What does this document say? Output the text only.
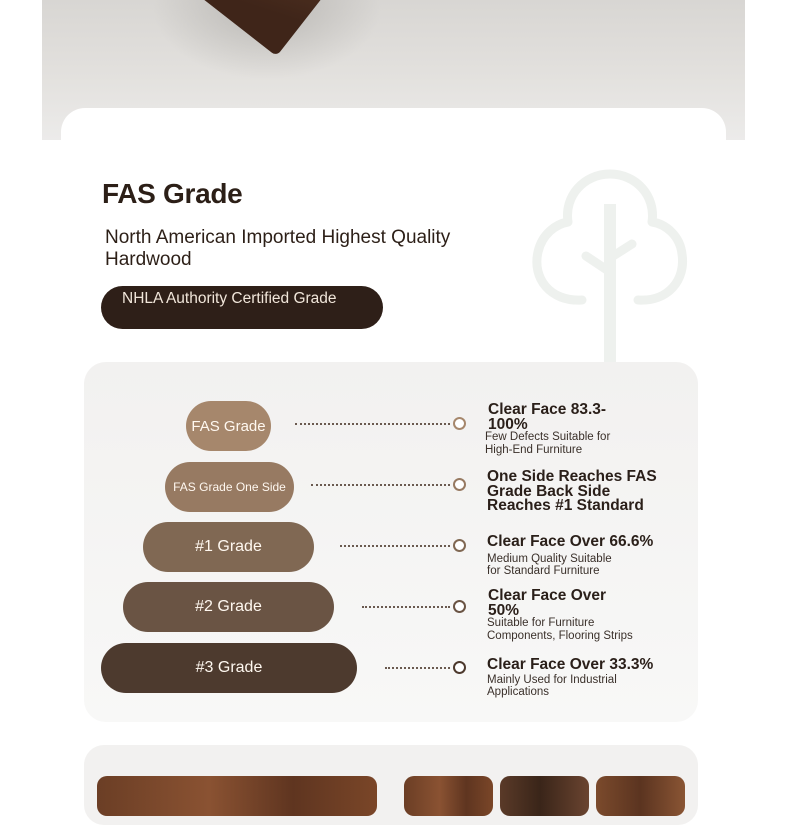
FAS Grade

North American Imported Highest Quality Hardwood

NHLA Authority Certified Grade
FAS Grade
Clear Face 83.3-100%
Few Defects Suitable for High-End Furniture
FAS Grade One Side
One Side Reaches FAS Grade Back Side Reaches #1 Standard
#1 Grade	Clear Face Over 66.6%
Medium Quality Suitable for Standard Furniture
#2 Grade
Clear Face Over 50%
Suitable for Furniture Components, Flooring Strips
#3 Grade	Clear Face Over 33.3%
Mainly Used for Industrial Applications
